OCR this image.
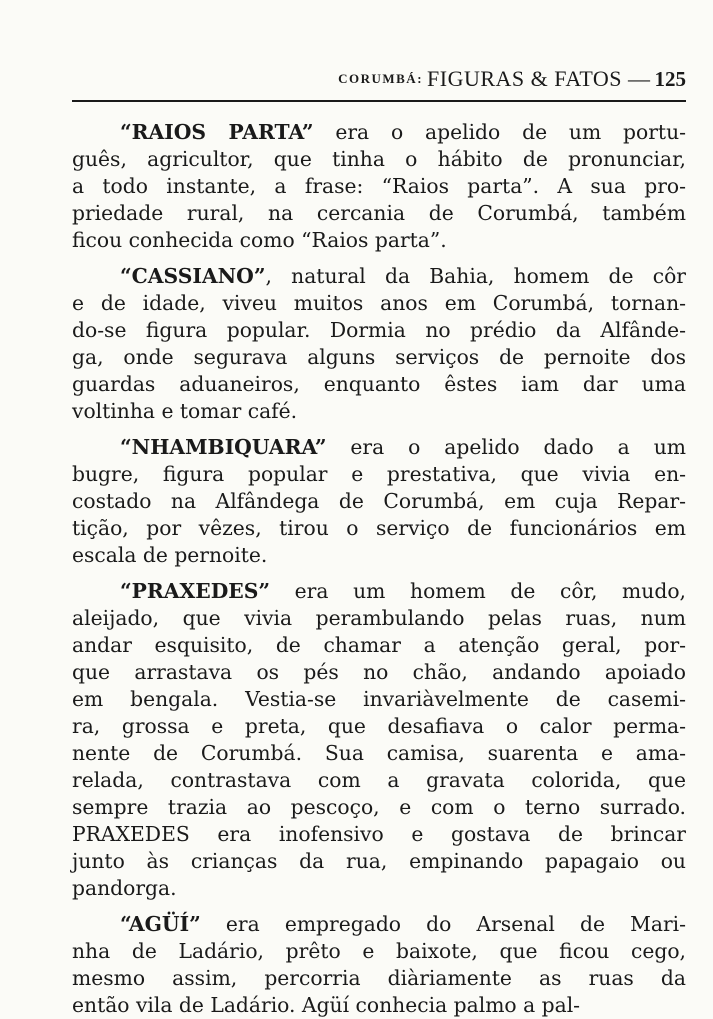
CORUMBÁ: FIGURAS & FATOS — 125
“RAIOS PARTA” era o apelido de um portu-
guês, agricultor, que tinha o hábito de pronunciar,
a todo instante, a frase: “Raios parta”. A sua pro-
priedade rural, na cercania de Corumbá, também
ficou conhecida como “Raios parta”.
“CASSIANO”, natural da Bahia, homem de côr
e de idade, viveu muitos anos em Corumbá, tornan-
do-se figura popular. Dormia no prédio da Alfânde-
ga, onde segurava alguns serviços de pernoite dos
guardas aduaneiros, enquanto êstes iam dar uma
voltinha e tomar café.
“NHAMBIQUARA” era o apelido dado a um
bugre, figura popular e prestativa, que vivia en-
costado na Alfândega de Corumbá, em cuja Repar-
tição, por vêzes, tirou o serviço de funcionários em
escala de pernoite.
“PRAXEDES” era um homem de côr, mudo,
aleijado, que vivia perambulando pelas ruas, num
andar esquisito, de chamar a atenção geral, por-
que arrastava os pés no chão, andando apoiado
em bengala. Vestia-se invariàvelmente de casemi-
ra, grossa e preta, que desafiava o calor perma-
nente de Corumbá. Sua camisa, suarenta e ama-
relada, contrastava com a gravata colorida, que
sempre trazia ao pescoço, e com o terno surrado.
PRAXEDES era inofensivo e gostava de brincar
junto às crianças da rua, empinando papagaio ou
pandorga.
“AGÜÍ” era empregado do Arsenal de Mari-
nha de Ladário, prêto e baixote, que ficou cego,
mesmo assim, percorria diàriamente as ruas da
então vila de Ladário. Agüí conhecia palmo a pal-
